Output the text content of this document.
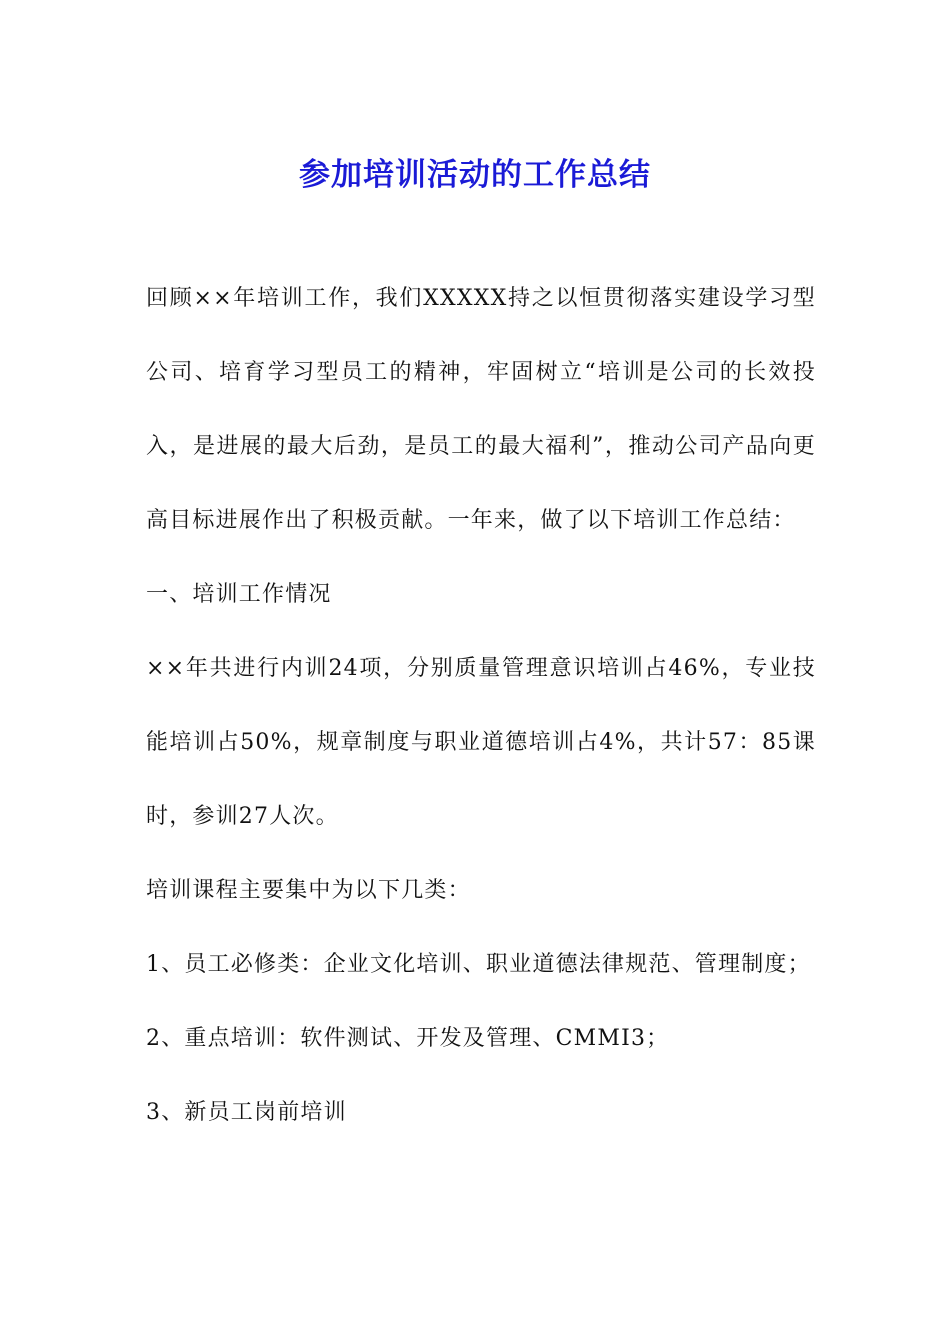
参加培训活动的工作总结

回顾××年培训工作，我们XXXXX持之以恒贯彻落实建设学习型公司、培育学习型员工的精神，牢固树立“培训是公司的长效投入，是进展的最大后劲，是员工的最大福利”，推动公司产品向更高目标进展作出了积极贡献。一年来，做了以下培训工作总结：

一、培训工作情况

××年共进行内训24项，分别质量管理意识培训占46%，专业技能培训占50%，规章制度与职业道德培训占4%，共计57：85课时，参训27人次。

培训课程主要集中为以下几类：

1、员工必修类：企业文化培训、职业道德法律规范、管理制度；

2、重点培训：软件测试、开发及管理、CMMI3；

3、新员工岗前培训
